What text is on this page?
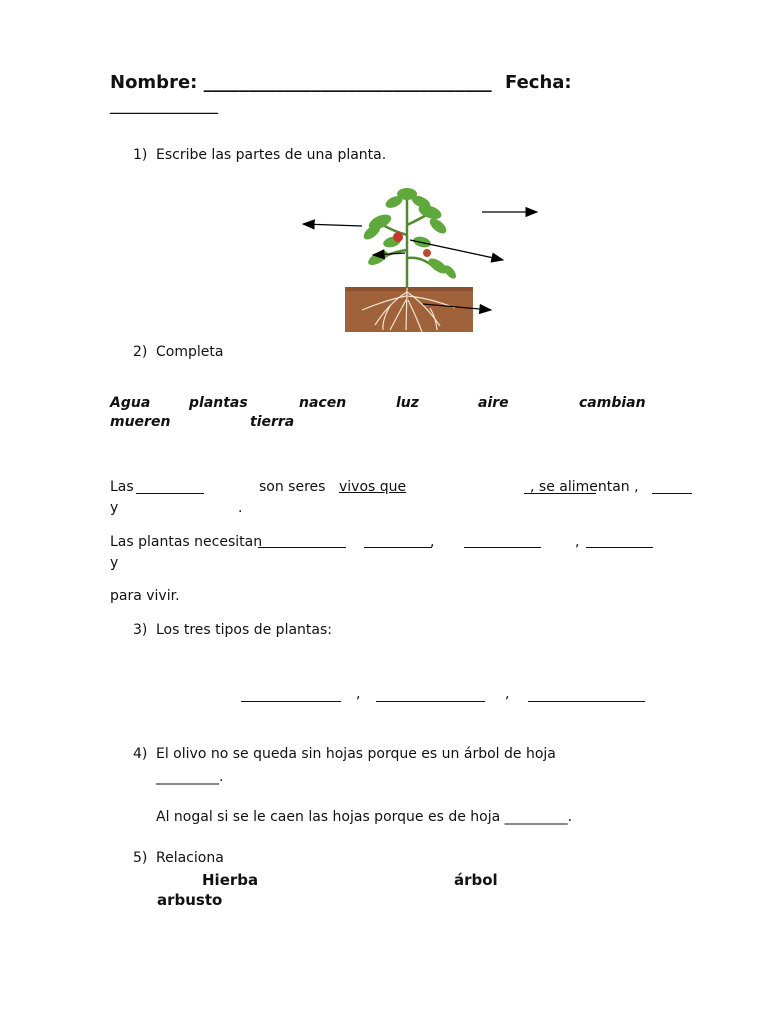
Nombre: ________________________________ Fecha:
____________
1) Escribe las partes de una planta.
2) Completa
Agua	plantas	nacen	luz	aire	cambian
mueren	tierra
Las	son seres vivos que	, se alimentan ,
y	.
Las plantas necesitan	,	,
y
para vivir.
3) Los tres tipos de plantas:
,	,
4) El olivo no se queda sin hojas porque es un árbol de hoja
_________.
Al nogal si se le caen las hojas porque es de hoja _________.
5) Relaciona
Hierba	árbol
arbusto
